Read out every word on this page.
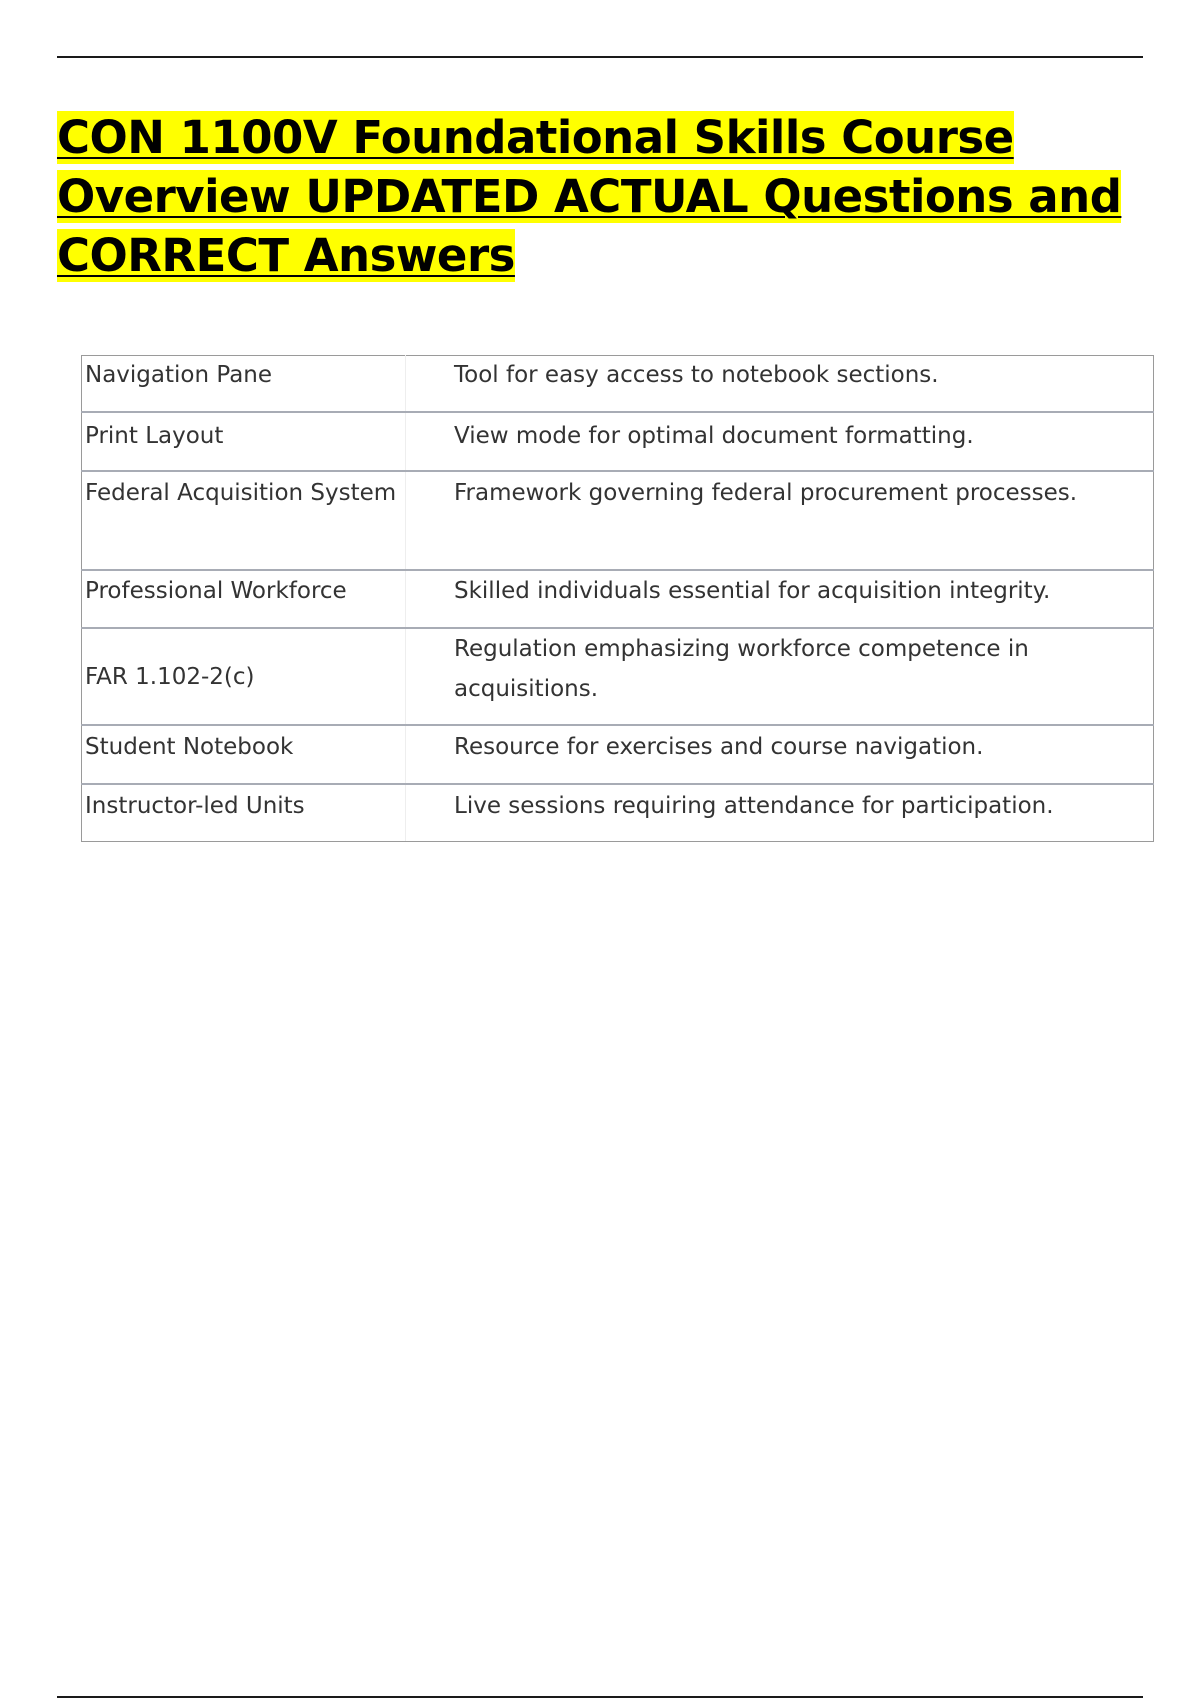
CON 1100V Foundational Skills Course Overview UPDATED ACTUAL Questions and CORRECT Answers
Navigation Pane	Tool for easy access to notebook sections.
Print Layout	View mode for optimal document formatting.
Federal Acquisition System	Framework governing federal procurement processes.
Professional Workforce	Skilled individuals essential for acquisition integrity.
FAR 1.102-2(c)	Regulation emphasizing workforce competence in acquisitions.
Student Notebook	Resource for exercises and course navigation.
Instructor-led Units	Live sessions requiring attendance for participation.
